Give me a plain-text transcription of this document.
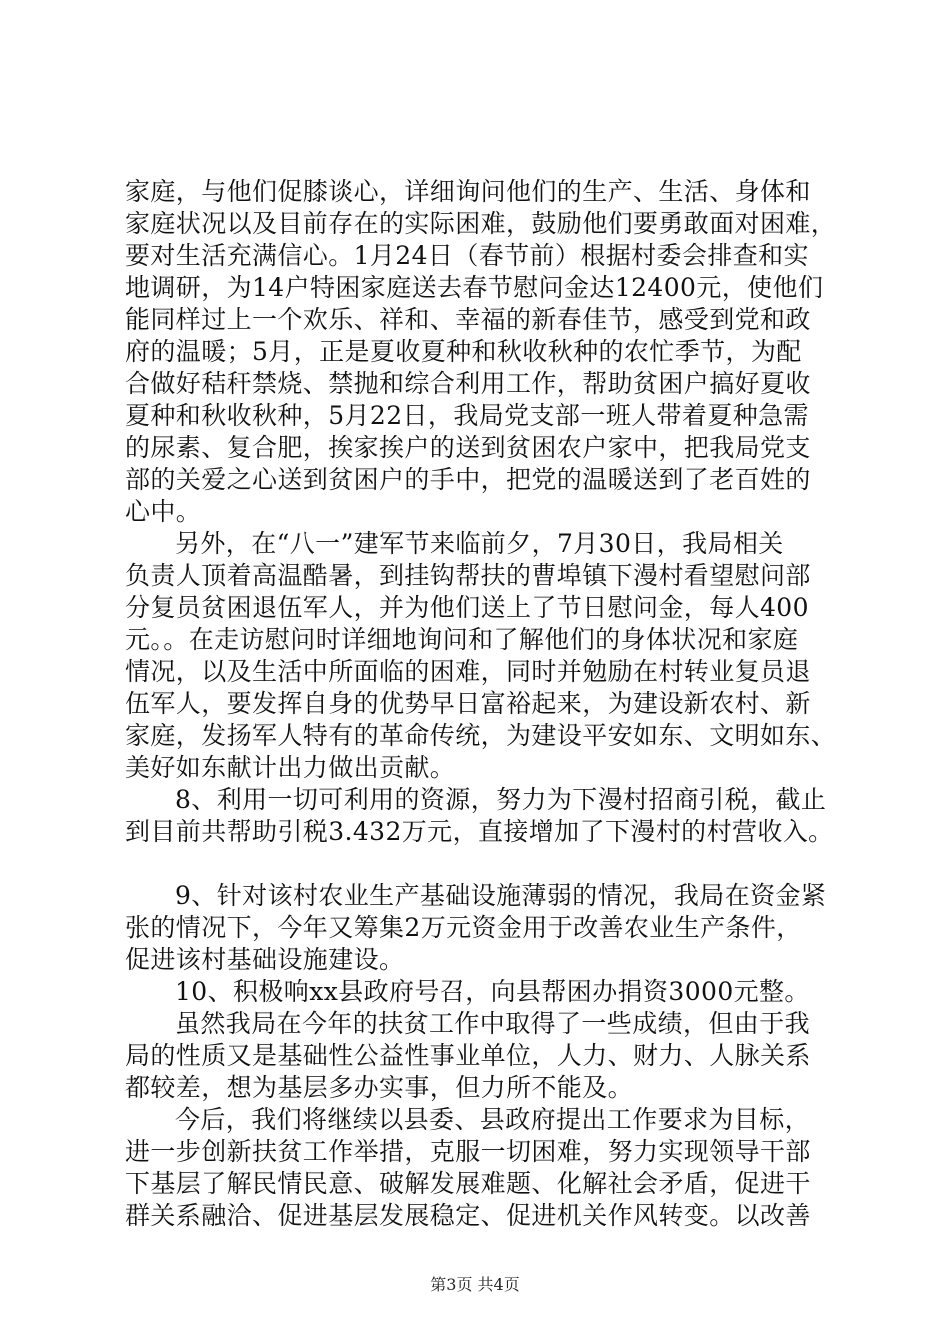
家庭，与他们促膝谈心，详细询问他们的生产、生活、身体和
家庭状况以及目前存在的实际困难，鼓励他们要勇敢面对困难，
要对生活充满信心。1月24日（春节前）根据村委会排查和实
地调研，为14户特困家庭送去春节慰问金达12400元，使他们
能同样过上一个欢乐、祥和、幸福的新春佳节，感受到党和政
府的温暖；5月，正是夏收夏种和秋收秋种的农忙季节，为配
合做好秸秆禁烧、禁抛和综合利用工作，帮助贫困户搞好夏收
夏种和秋收秋种，5月22日，我局党支部一班人带着夏种急需
的尿素、复合肥，挨家挨户的送到贫困农户家中，把我局党支
部的关爱之心送到贫困户的手中，把党的温暖送到了老百姓的
心中。
另外，在“八一”建军节来临前夕，7月30日，我局相关
负责人顶着高温酷暑，到挂钩帮扶的曹埠镇下漫村看望慰问部
分复员贫困退伍军人，并为他们送上了节日慰问金，每人400
元。。在走访慰问时详细地询问和了解他们的身体状况和家庭
情况，以及生活中所面临的困难，同时并勉励在村转业复员退
伍军人，要发挥自身的优势早日富裕起来，为建设新农村、新
家庭，发扬军人特有的革命传统，为建设平安如东、文明如东、
美好如东献计出力做出贡献。
8、利用一切可利用的资源，努力为下漫村招商引税，截止
到目前共帮助引税3.432万元，直接增加了下漫村的村营收入。
9、针对该村农业生产基础设施薄弱的情况，我局在资金紧
张的情况下，今年又筹集2万元资金用于改善农业生产条件，
促进该村基础设施建设。
10、积极响xx县政府号召，向县帮困办捐资3000元整。
虽然我局在今年的扶贫工作中取得了一些成绩，但由于我
局的性质又是基础性公益性事业单位，人力、财力、人脉关系
都较差，想为基层多办实事，但力所不能及。
今后，我们将继续以县委、县政府提出工作要求为目标，
进一步创新扶贫工作举措，克服一切困难，努力实现领导干部
下基层了解民情民意、破解发展难题、化解社会矛盾，促进干
群关系融洽、促进基层发展稳定、促进机关作风转变。以改善
第3页 共4页
